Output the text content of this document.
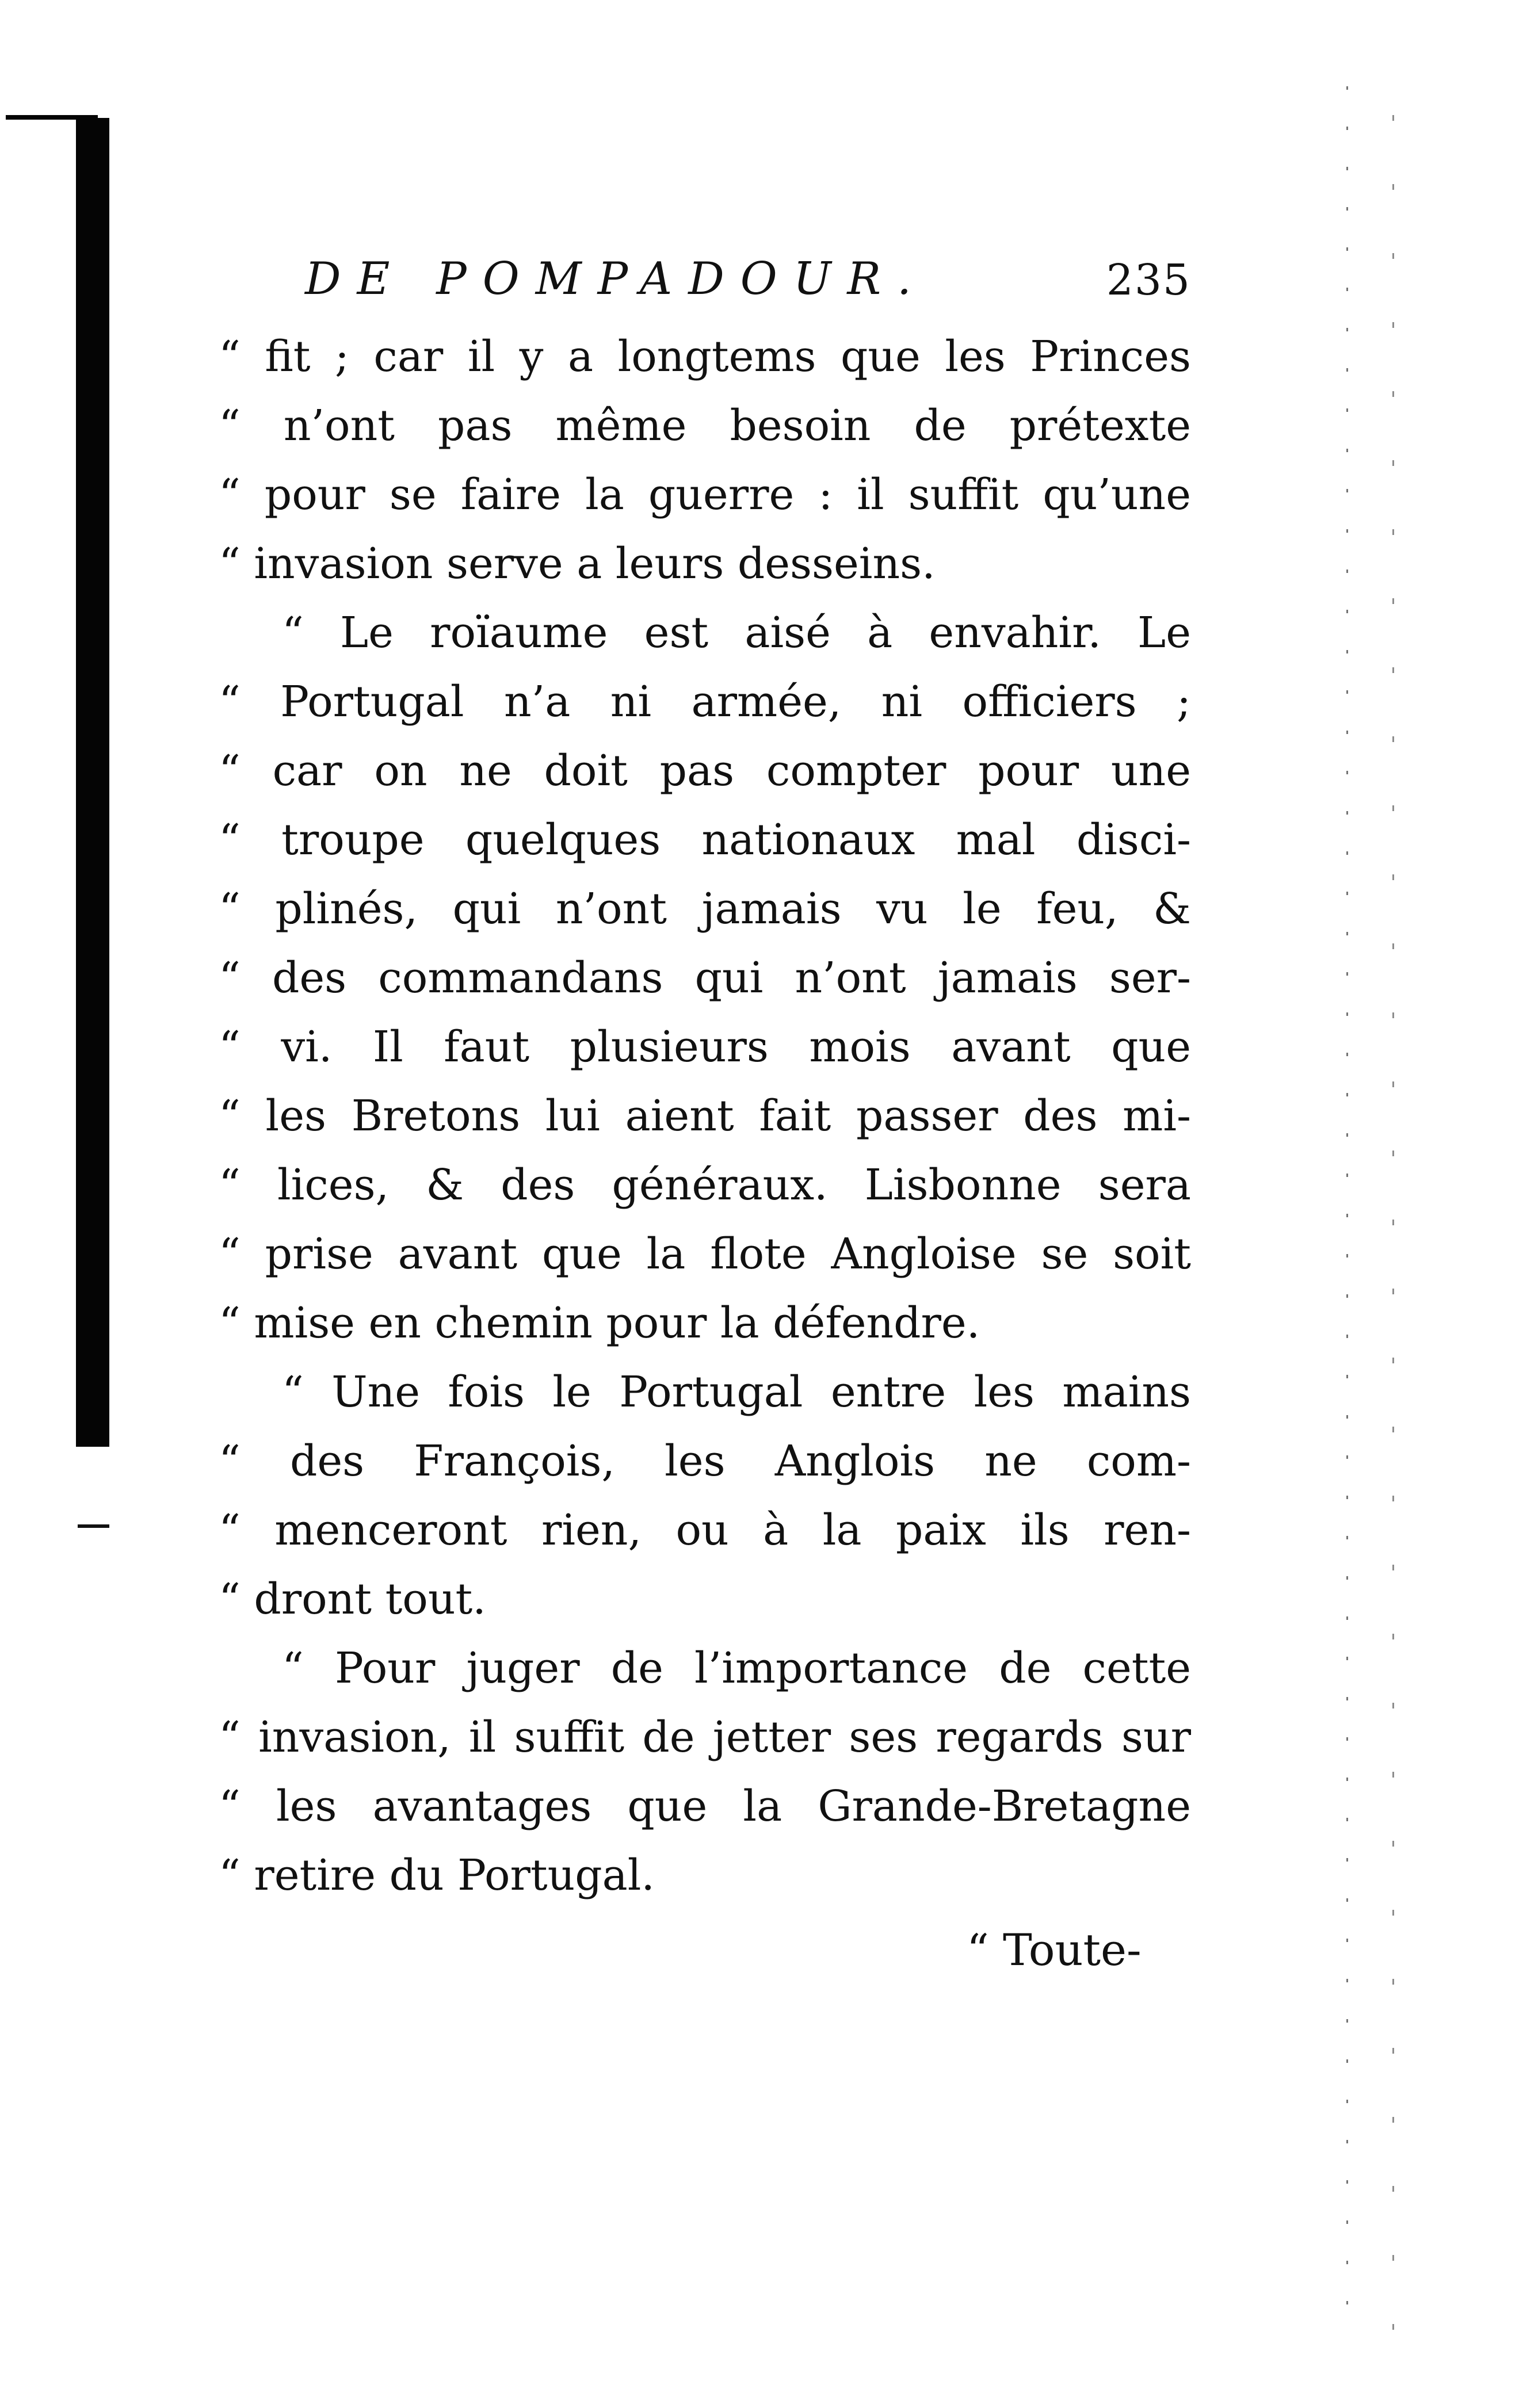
DE POMPADOUR.	235
“ fit ; car il y a longtems que les Princes
“ n’ont pas même besoin de prétexte
“ pour se faire la guerre : il suffit qu’une
“ invasion serve a leurs desseins.
“ Le roïaume est aisé à envahir. Le
“ Portugal n’a ni armée, ni officiers ;
“ car on ne doit pas compter pour une
“ troupe quelques nationaux mal disci-
“ plinés, qui n’ont jamais vu le feu, &
“ des commandans qui n’ont jamais ser-
“ vi. Il faut plusieurs mois avant que
“ les Bretons lui aient fait passer des mi-
“ lices, & des généraux. Lisbonne sera
“ prise avant que la flote Angloise se soit
“ mise en chemin pour la défendre.
“ Une fois le Portugal entre les mains
“ des François, les Anglois ne com-
“ menceront rien, ou à la paix ils ren-
“ dront tout.
“ Pour juger de l’importance de cette
“ invasion, il suffit de jetter ses regards sur
“ les avantages que la Grande-Bretagne
“ retire du Portugal.
“ Toute-
